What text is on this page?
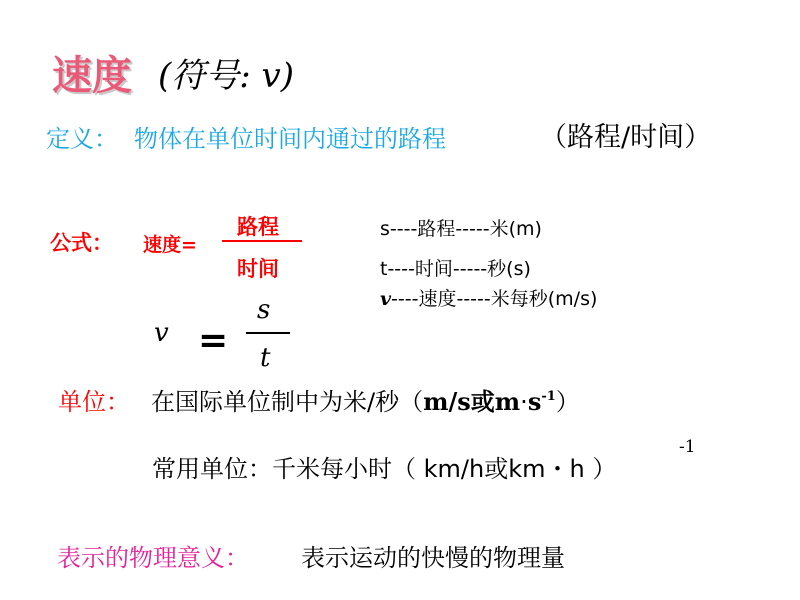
速度 (符号: v)
定义： 物体在单位时间内通过的路程	（路程/时间）
公式： 速度=
路程
时间
s----路程-----米(m)
t----时间-----秒(s)
v----速度-----米每秒(m/s)
v =
s
t
单位： 在国际单位制中为米/秒（m/s或$m\cdot s^{-1}$）
常用单位：千米每小时（ km/h或km・h ）
-1
表示的物理意义： 表示运动的快慢的物理量
